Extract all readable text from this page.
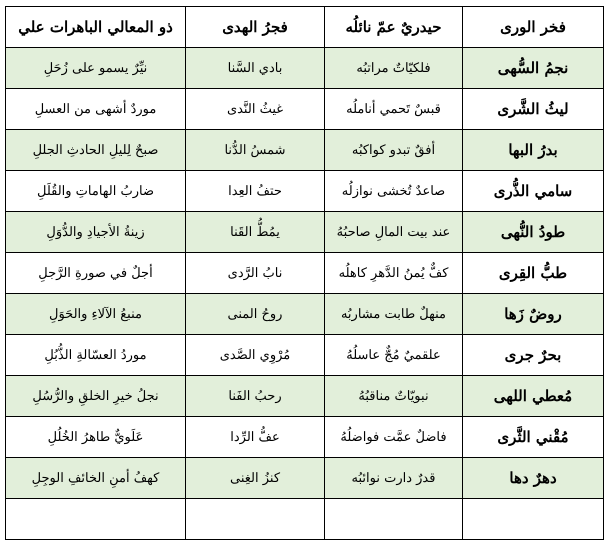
فخر الورى	حيدريٌ عمّ نائلُه	فجرُ الهدى	ذو المعالي الباهرات علي
نجمُ السُّهى	فلكيّاتٌ مراتبُه	بادي السَّنا	نيِّرٌ يسمو على زُحَلِ
ليثُ الشَّرى	قبسٌ تَحمي أناملُه	غيثُ النَّدى	موردٌ أشهى من العسلِ
بدرُ البها	أفقٌ تبدو كواكبُه	شمسُ الدُّنا	صبحٌ لِليلِ الحادثِ الجللِ
سامي الذُّرى	صاعدٌ تُخشى نوازلُه	حتفُ العِدا	ضاربُ الهاماتِ والقُلَلِ
طودُ النُّهى	عند بيت المالِ صاحبُهُ	يمُطُّ القَنا	زينةُ الأجيادِ والدُّوَلِ
طبُّ القِرى	كفٌّ يُمنُ الدَّهرِ كاهلُه	نابُ الرَّدى	أجلٌ في صورةِ الرَّجلِ
روضٌ زَها	منهلٌ طابت مشاربُه	روحُ المنى	منبعُ الآلاءِ والحَوَلِ
بحرٌ جرى	علقميٌ مُجٌّ عاسلُهُ	مُرْوِي الصَّدى	موردُ العسّالةِ الذُّبُلِ
مُعطي اللهى	نبويّاتٌ مناقبُهُ	رحبُ الفَنا	نجلُ خيرِ الخلقِ والرُّسُلِ
مُقْني الثَّرى	فاضلٌ عمَّت فواضلُهُ	عفُّ الرِّدا	عَلَويٌّ طاهرُ الخُلُلِ
دهرٌ دها	قدرٌ دارت نوائبُه	كنزُ الغِنى	كهفُ أمنِ الخائفِ الوجِلِ
